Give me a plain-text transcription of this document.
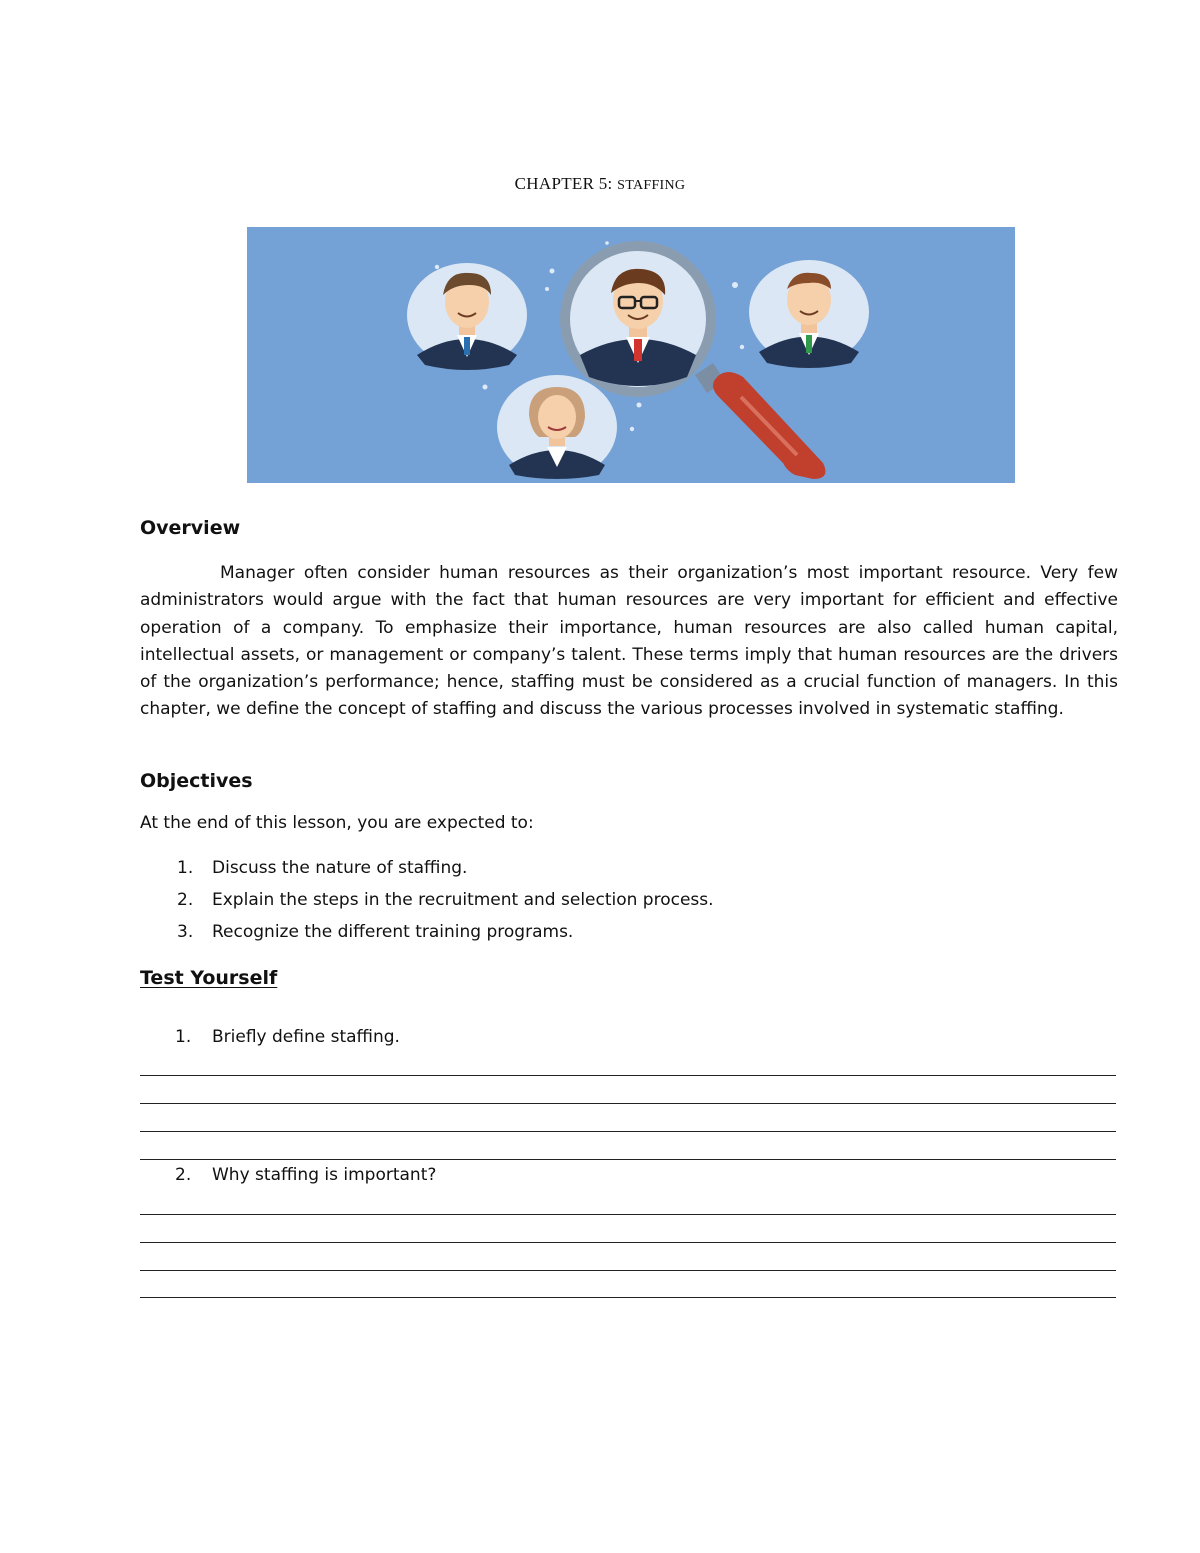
CHAPTER 5: STAFFING
Overview

Manager often consider human resources as their organization’s most important resource. Very few administrators would argue with the fact that human resources are very important for efficient and effective operation of a company. To emphasize their importance, human resources are also called human capital, intellectual assets, or management or company’s talent. These terms imply that human resources are the drivers of the organization’s performance; hence, staffing must be considered as a crucial function of managers. In this chapter, we define the concept of staffing and discuss the various processes involved in systematic staffing.

Objectives

At the end of this lesson, you are expected to:

1.	Discuss the nature of staffing.
2.	Explain the steps in the recruitment and selection process.
3.	Recognize the different training programs.
Test Yourself

1.	Briefly define staffing.

2.	Why staffing is important?
